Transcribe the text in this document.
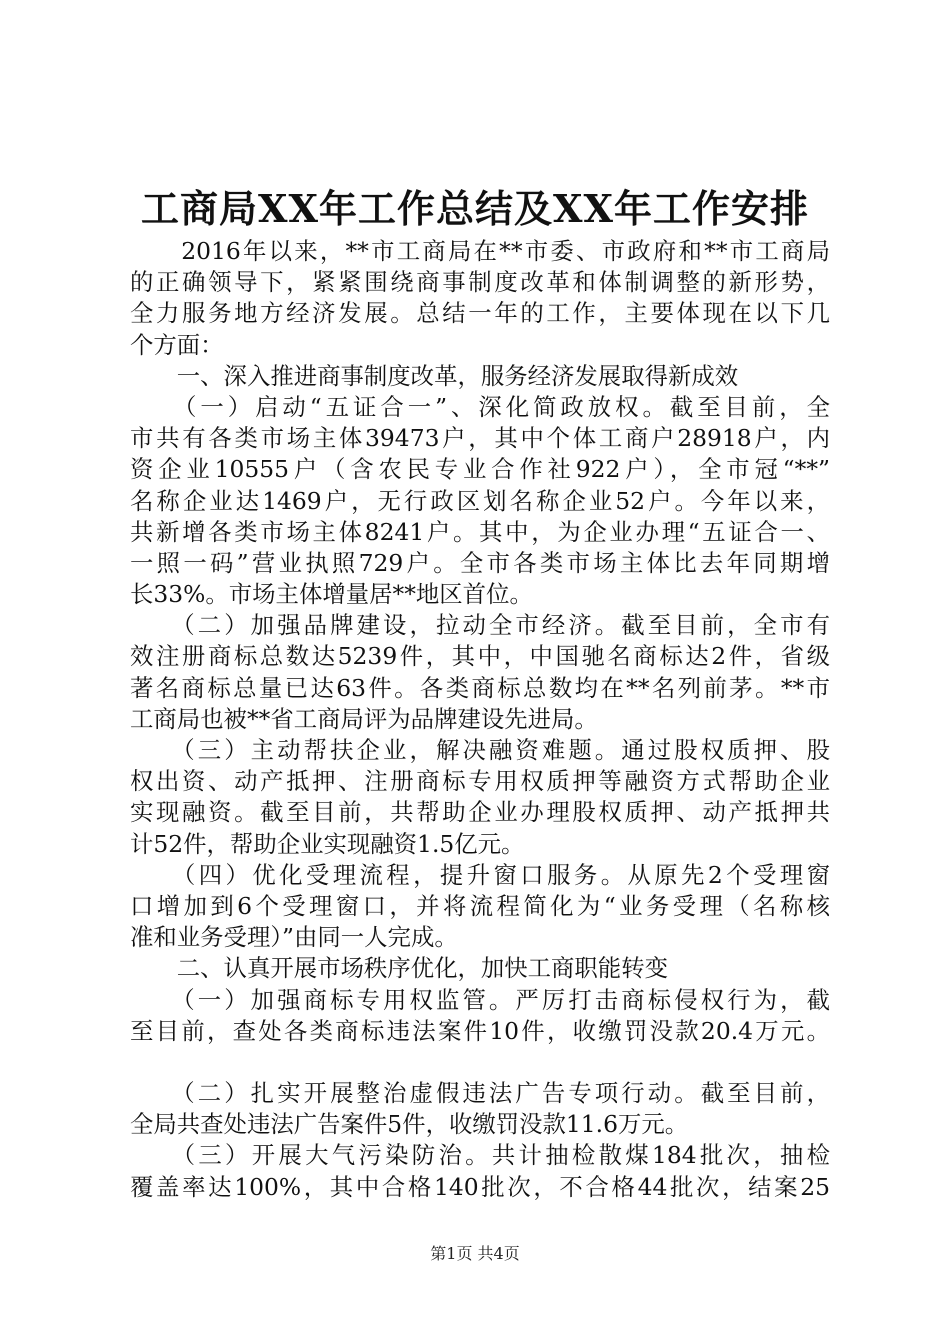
工商局XX年工作总结及XX年工作安排
　　2016年以来，**市工商局在**市委、市政府和**市工商局
的正确领导下，紧紧围绕商事制度改革和体制调整的新形势，
全力服务地方经济发展。总结一年的工作，主要体现在以下几
个方面：
　　一、深入推进商事制度改革，服务经济发展取得新成效
　　（一）启动“五证合一”、深化简政放权。截至目前，全
市共有各类市场主体39473户，其中个体工商户28918户，内
资企业10555户（含农民专业合作社922户），全市冠“**”
名称企业达1469户，无行政区划名称企业52户。今年以来，
共新增各类市场主体8241户。其中，为企业办理“五证合一、
一照一码”营业执照729户。全市各类市场主体比去年同期增
长33%。市场主体增量居**地区首位。
　　（二）加强品牌建设，拉动全市经济。截至目前，全市有
效注册商标总数达5239件，其中，中国驰名商标达2件，省级
著名商标总量已达63件。各类商标总数均在**名列前茅。**市
工商局也被**省工商局评为品牌建设先进局。
　　（三）主动帮扶企业，解决融资难题。通过股权质押、股
权出资、动产抵押、注册商标专用权质押等融资方式帮助企业
实现融资。截至目前，共帮助企业办理股权质押、动产抵押共
计52件，帮助企业实现融资1.5亿元。
　　（四）优化受理流程，提升窗口服务。从原先2个受理窗
口增加到6个受理窗口，并将流程简化为“业务受理（名称核
准和业务受理）”由同一人完成。
　　二、认真开展市场秩序优化，加快工商职能转变
　　（一）加强商标专用权监管。严厉打击商标侵权行为，截
至目前，查处各类商标违法案件10件，收缴罚没款20.4万元。
　　（二）扎实开展整治虚假违法广告专项行动。截至目前，
全局共查处违法广告案件5件，收缴罚没款11.6万元。
　　（三）开展大气污染防治。共计抽检散煤184批次，抽检
覆盖率达100%，其中合格140批次，不合格44批次，结案25
第1页 共4页
